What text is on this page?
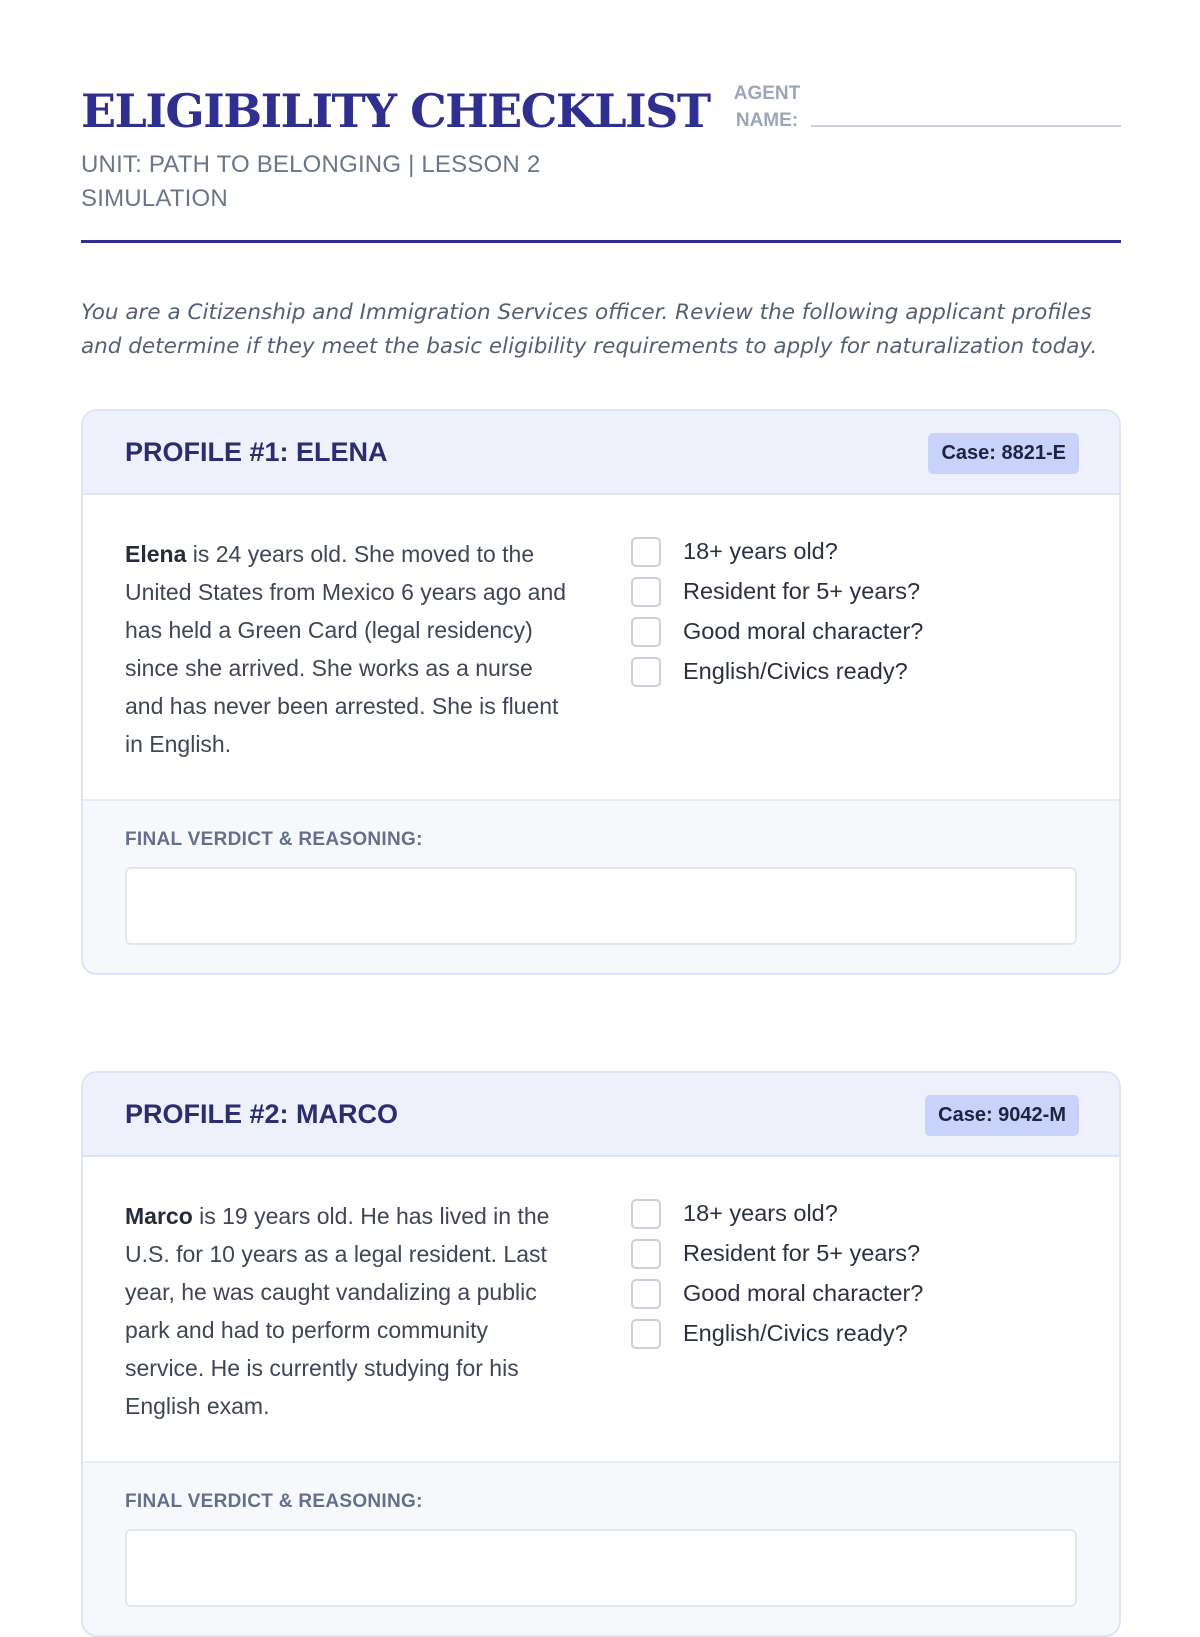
ELIGIBILITY CHECKLIST
UNIT: PATH TO BELONGING | LESSON 2 SIMULATION
AGENT NAME:

You are a Citizenship and Immigration Services officer. Review the following applicant profiles and determine if they meet the basic eligibility requirements to apply for naturalization today.

PROFILE #1: ELENA	Case: 8821-E

Elena is 24 years old. She moved to the United States from Mexico 6 years ago and has held a Green Card (legal residency) since she arrived. She works as a nurse and has never been arrested. She is fluent in English.

18+ years old?
Resident for 5+ years?
Good moral character?
English/Civics ready?
FINAL VERDICT & REASONING:
PROFILE #2: MARCO	Case: 9042-M

Marco is 19 years old. He has lived in the U.S. for 10 years as a legal resident. Last year, he was caught vandalizing a public park and had to perform community service. He is currently studying for his English exam.

18+ years old?
Resident for 5+ years?
Good moral character?
English/Civics ready?
FINAL VERDICT & REASONING:
